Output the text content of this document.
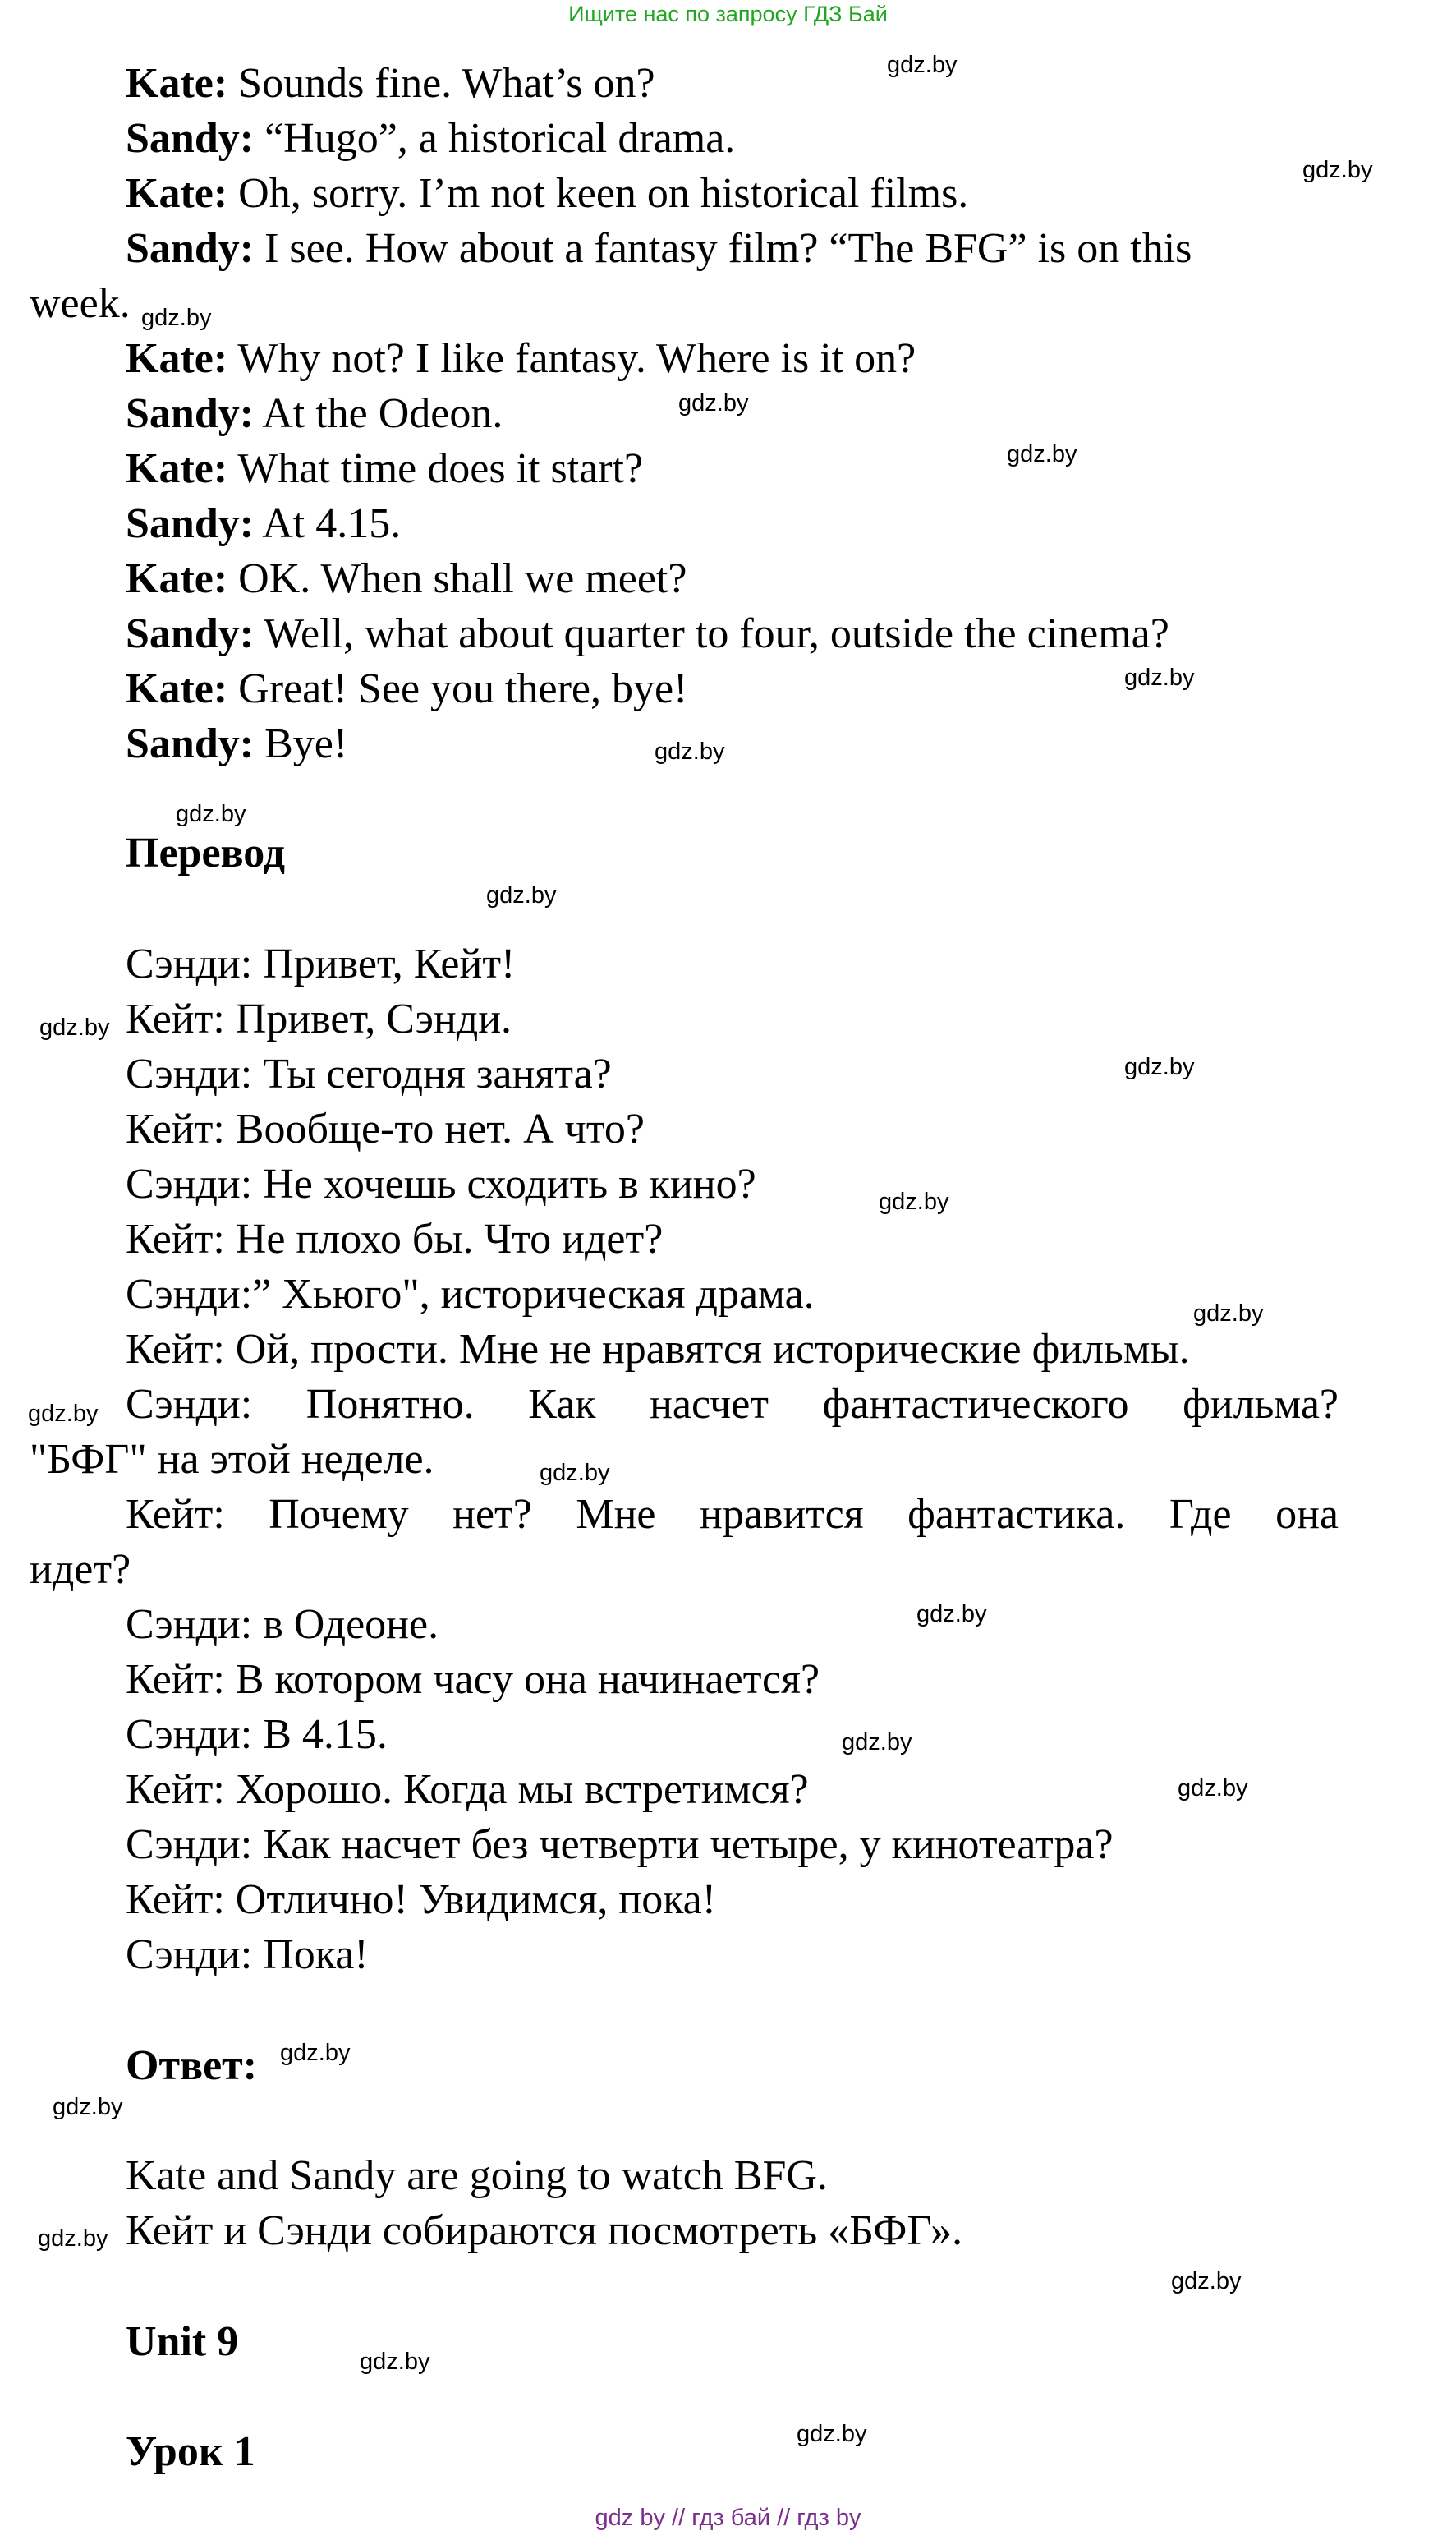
Ищите нас по запросу ГДЗ Бай
Kate: Sounds fine. What’s on?
Sandy: “Hugo”, a historical drama.
Kate: Oh, sorry. I’m not keen on historical films.
Sandy: I see. How about a fantasy film? “The BFG” is on this
week.
Kate: Why not? I like fantasy. Where is it on?
Sandy: At the Odeon.
Kate: What time does it start?
Sandy: At 4.15.
Kate: OK. When shall we meet?
Sandy: Well, what about quarter to four, outside the cinema?
Kate: Great! See you there, bye!
Sandy: Bye!
Перевод
Сэнди: Привет, Кейт!
Кейт: Привет, Сэнди.
Сэнди: Ты сегодня занята?
Кейт: Вообще-то нет. А что?
Сэнди: Не хочешь сходить в кино?
Кейт: Не плохо бы. Что идет?
Сэнди:” Хьюго", историческая драма.
Кейт: Ой, прости. Мне не нравятся исторические фильмы.
Сэнди: Понятно. Как насчет фантастического фильма?
"БФГ" на этой неделе.
Кейт: Почему нет? Мне нравится фантастика. Где она
идет?
Сэнди: в Одеоне.
Кейт: В котором часу она начинается?
Сэнди: В 4.15.
Кейт: Хорошо. Когда мы встретимся?
Сэнди: Как насчет без четверти четыре, у кинотеатра?
Кейт: Отлично! Увидимся, пока!
Сэнди: Пока!
Ответ:
Kate and Sandy are going to watch BFG.
Кейт и Сэнди собираются посмотреть «БФГ».
Unit 9
Урок 1
gdz.by
gdz.by
gdz.by
gdz.by
gdz.by
gdz.by
gdz.by
gdz.by
gdz.by
gdz.by
gdz.by
gdz.by
gdz.by
gdz.by
gdz.by
gdz.by
gdz.by
gdz.by
gdz.by
gdz.by
gdz.by
gdz.by
gdz.by
gdz.by
gdz by // гдз бай // гдз by
